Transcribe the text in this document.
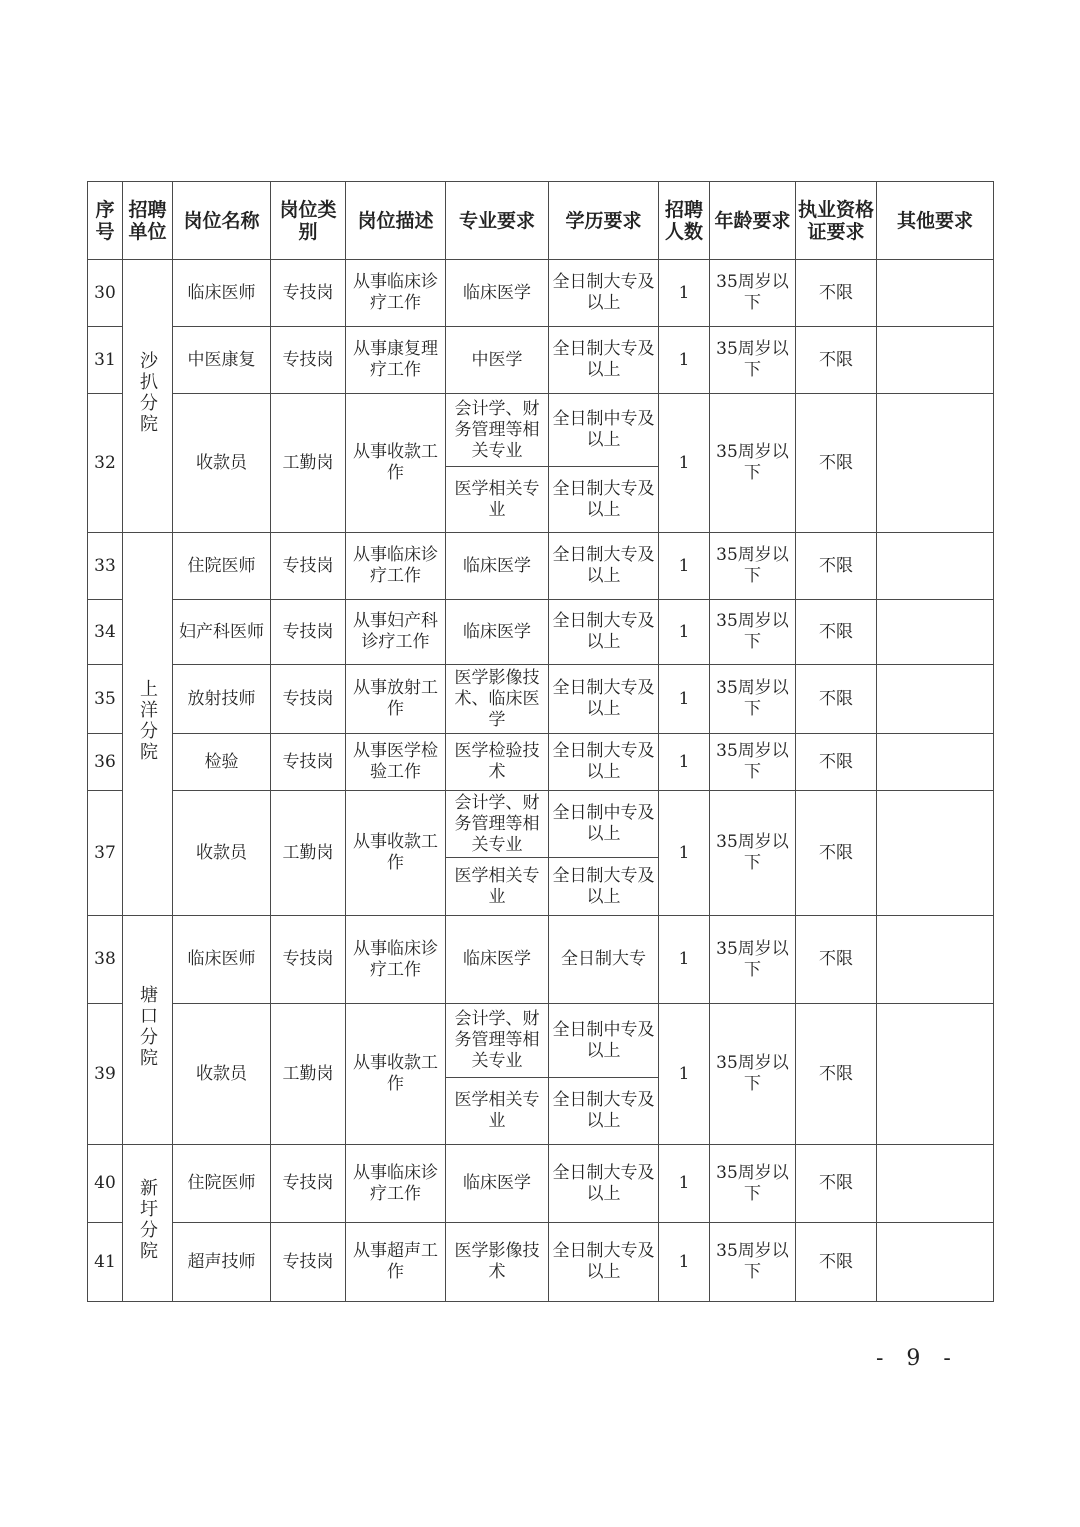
序号	招聘单位	岗位名称	岗位类别	岗位描述	专业要求	学历要求	招聘人数	年龄要求	执业资格证要求	其他要求
30	沙扒分院	临床医师	专技岗	从事临床诊疗工作	临床医学	全日制大专及以上	1	35周岁以下	不限	
31		中医康复	专技岗	从事康复理疗工作	中医学	全日制大专及以上	1	35周岁以下	不限	
32		收款员	工勤岗	从事收款工作	会计学、财务管理等相关专业	全日制中专及以上	1	35周岁以下	不限	
					医学相关专业	全日制大专及以上				
33	上洋分院	住院医师	专技岗	从事临床诊疗工作	临床医学	全日制大专及以上	1	35周岁以下	不限	
34		妇产科医师	专技岗	从事妇产科诊疗工作	临床医学	全日制大专及以上	1	35周岁以下	不限	
35		放射技师	专技岗	从事放射工作	医学影像技术、临床医学	全日制大专及以上	1	35周岁以下	不限	
36		检验	专技岗	从事医学检验工作	医学检验技术	全日制大专及以上	1	35周岁以下	不限	
37		收款员	工勤岗	从事收款工作	会计学、财务管理等相关专业	全日制中专及以上	1	35周岁以下	不限	
					医学相关专业	全日制大专及以上				
38	塘口分院	临床医师	专技岗	从事临床诊疗工作	临床医学	全日制大专	1	35周岁以下	不限	
39		收款员	工勤岗	从事收款工作	会计学、财务管理等相关专业	全日制中专及以上	1	35周岁以下	不限	
					医学相关专业	全日制大专及以上				
40	新圩分院	住院医师	专技岗	从事临床诊疗工作	临床医学	全日制大专及以上	1	35周岁以下	不限	
41		超声技师	专技岗	从事超声工作	医学影像技术	全日制大专及以上	1	35周岁以下	不限	
- 9 -
